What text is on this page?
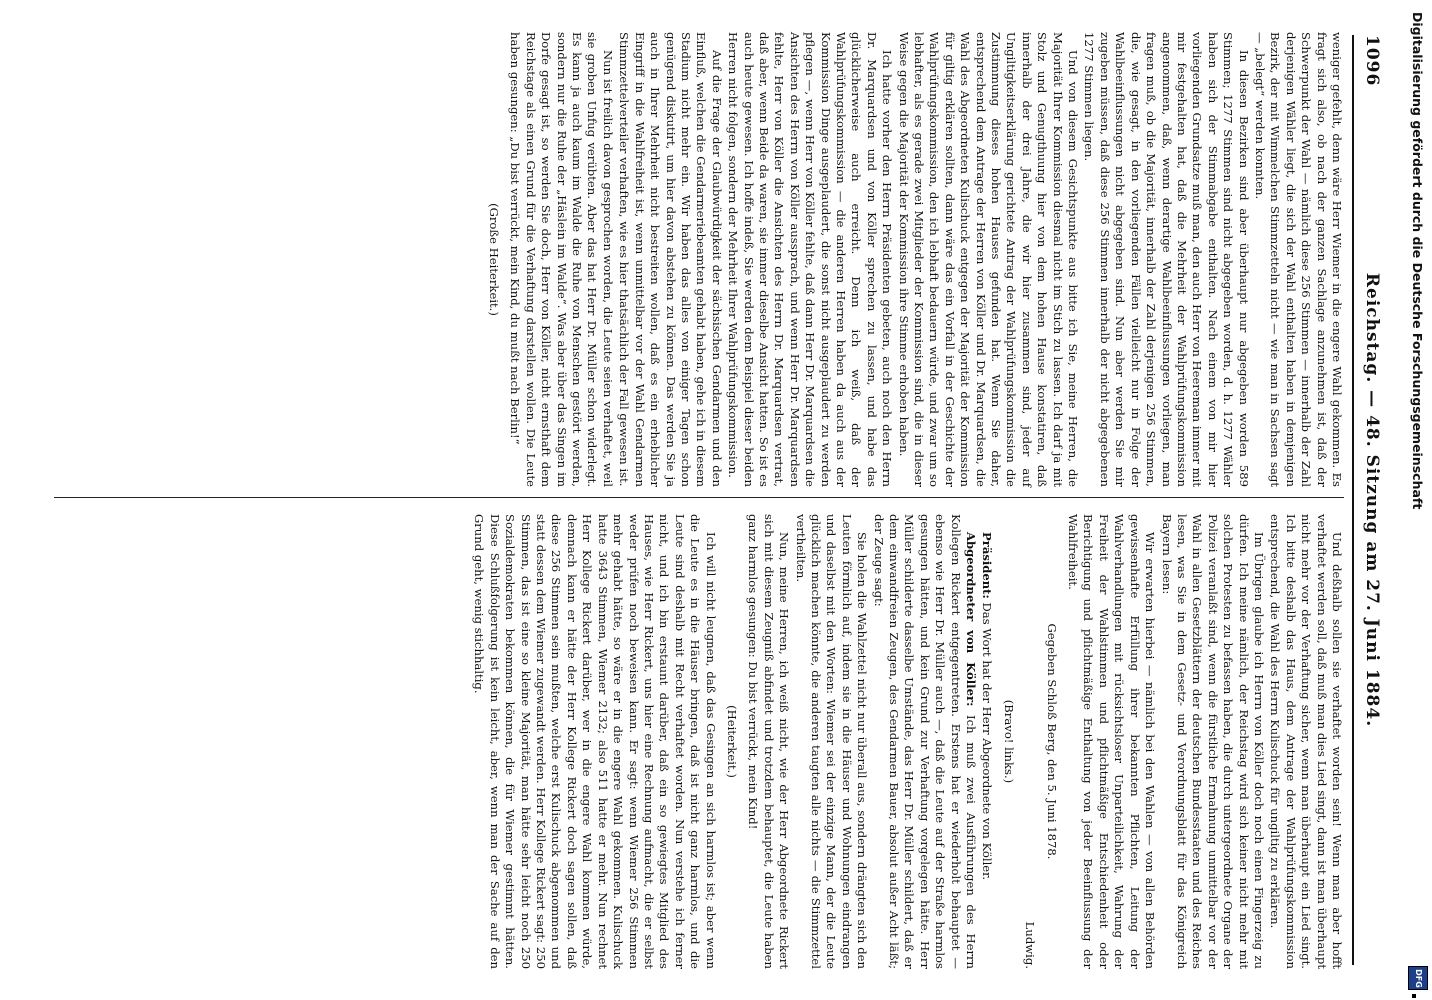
Reichstag. — 48. Sitzung am 27. Juni 1884.
1096

weniger gefehlt, denn wäre Herr Wiemer in die engere Wahl gekommen. Es fragt sich also, ob nach der ganzen Sachlage anzunehmen ist, daß der Schwerpunkt der Wahl — nämlich diese 256 Stimmen — innerhalb der Zahl derjenigen Wähler liegt, die sich der Wahl enthalten haben in demjenigen Bezirk, der mit Wimmelchen Stimmzetteln nicht — wie man in Sachsen sagt — „belegt“ werden konnten.

In diesen Bezirken sind aber überhaupt nur abgegeben worden 589 Stimmen; 1277 Stimmen sind nicht abgegeben worden, d. h. 1277 Wähler haben sich der Stimmabgabe enthalten. Nach einem von mir hier vorliegenden Grundsatze muß man, den auch Herr von Heereman immer mit mir festgehalten hat, daß die Mehrheit der Wahlprüfungskommission angenommen, daß, wenn derartige Wahlbeeinflussungen vorliegen, man fragen muß, ob die Majorität, innerhalb der Zahl derjenigen 256 Stimmen, die, wie gesagt, in den vorliegenden Fällen vielleicht nur in Folge der Wahlbeeinflussungen nicht abgegeben sind. Nun aber werden Sie mir zugeben müssen, daß diese 256 Stimmen innerhalb der nicht abgegebenen 1277 Stimmen liegen.

Und von diesem Gesichtspunkte aus bitte ich Sie, meine Herren, die Majorität Ihrer Kommission diesmal nicht im Stich zu lassen. Ich darf ja mit Stolz und Genugthuung hier von dem hohen Hause konstatiren, daß innerhalb der drei Jahre, die wir hier zusammen sind, jeder auf Ungiltigkeitserklärung gerichtete Antrag der Wahlprüfungskommission die Zustimmung dieses hohen Hauses gefunden hat. Wenn Sie daher, entsprechend dem Antrage der Herren von Köller und Dr. Marquardsen, die Wahl des Abgeordneten Kulischuck entgegen der Majorität der Kommission für giltig erklären sollten, dann wäre das ein Vorfall in der Geschichte der Wahlprüfungskommission, den ich lebhaft bedauern würde, und zwar um so lebhafter, als es gerade zwei Mitglieder der Kommission sind, die in dieser Weise gegen die Majorität der Kommission ihre Stimme erhoben haben.

Ich hatte vorher den Herrn Präsidenten gebeten, auch noch den Herrn Dr. Marquardsen und von Köller sprechen zu lassen, und habe das glücklicherweise auch erreicht. Denn ich weiß, daß der Wahlprüfungskommission — die anderen Herren haben da auch aus der Kommission Dinge ausgeplaudert, die sonst nicht ausgeplaudert zu werden pflegen —, wenn Herr von Köller fehlte, daß dann Herr Dr. Marquardsen die Ansichten des Herrn von Köller aussprach, und wenn Herr Dr. Marquardsen fehlte, Herr von Köller die Ansichten des Herrn Dr. Marquardsen vertrat, daß aber, wenn Beide da waren, sie immer dieselbe Ansicht hatten. So ist es auch heute gewesen. Ich hoffe indeß, Sie werden dem Beispiel dieser beiden Herren nicht folgen, sondern der Mehrheit Ihrer Wahlprüfungskommission.

Auf die Frage der Glaubwürdigkeit der sächsischen Gendarmen und den Einfluß, welchen die Gendarmeriebeamten gehabt haben, gehe ich in diesem Stadium nicht mehr ein. Wir haben das alles von einiger Tagen schon genügend diskutirt, um hier davon abstehen zu können. Das werden Sie ja auch in Ihrer Mehrheit nicht bestreiten wollen, daß es ein erheblicher Eingriff in die Wahlfreiheit ist, wenn unmittelbar vor der Wahl Gendarmen Stimmzettelverteiler verhaften, wie es hier thatsächlich der Fall gewesen ist.

Nun ist freilich davon gesprochen worden, die Leute seien verhaftet, weil sie groben Unfug verübten. Aber das hat Herr Dr. Müller schon widerlegt. Es kann ja auch kaum im Walde die Ruhe von Menschen gestört werden, sondern nur die Ruhe der „Häslein im Walde“. Was aber über das Singen im Dorfe gesagt ist, so werden Sie doch, Herr von Köller, nicht ernsthaft dem Reichstage als einen Grund für die Verhaftung darstellen wollen. Die Leute haben gesungen: „Du bist verrückt, mein Kind, du mußt nach Berlin!“

(Große Heiterkeit.)

Und deßhalb sollen sie verhaftet worden sein! Wenn man aber hofft verhaftet werden soll, daß muß man dies Lied singt, dann ist man überhaupt nicht mehr vor der Verhaftung sicher, wenn man überhaupt ein Lied singt. Ich bitte deshalb das Haus, dem Antrage der Wahlprüfungskommission entsprechend, die Wahl des Herrn Kulischuck für ungiltig zu erklären.

Im Übrigen glaube ich Herrn von Köller doch noch einen Fingerzeig zu dürfen. Ich meine nämlich, der Reichstag wird sich keiner nicht mehr mit solchen Protesten zu befassen haben, die durch untergeordnete Organe der Polizei veranlaßt sind, wenn die fürstliche Ermahnung unmittelbar vor der Wahl in allen Gesetzblättern der deutschen Bundesstaaten und des Reiches lesen, was Sie in dem Gesetz- und Verordnungsblatt für das Königreich Bayern lesen:

Wir erwarten hierbei — nämlich bei den Wahlen — von allen Behörden gewissenhafte Erfüllung ihrer bekannten Pflichten, Leitung der Wahlverhandlungen mit rücksichtsloser Unparteilichkeit, Wahrung der Freiheit der Wahlstimmen und pflichtmäßige Entschiedenheit oder Berichtigung und pflichtmäßige Enthaltung von jeder Beeinflussung der Wahlfreiheit.

Gegeben Schloß Berg, den 5. Juni 1878.

Ludwig.

(Bravo! links.)

Präsident: Das Wort hat der Herr Abgeordnete von Köller.

Abgeordneter von Köller: Ich muß zwei Ausführungen des Herrn Kollegen Rickert entgegentreten. Erstens hat er wiederholt behauptet — ebenso wie Herr Dr. Müller auch —, daß die Leute auf der Straße harmlos gesungen hätten, und kein Grund zur Verhaftung vorgelegen hätte. Herr Müller schilderte dasselbe Umstände, das Herr Dr. Müller schildert, daß er dem einwandfreien Zeugen, des Gendarmen Bauer, absolut außer Acht läßt; der Zeuge sagt:

Sie holen die Wahlzettel nicht nur überall aus, sondern drängten sich den Leuten förmlich auf, indem sie in die Häuser und Wohnungen eindrangen und daselbst mit den Worten: Wiemer sei der einzige Mann, der die Leute glücklich machen könnte, die anderen taugten alle nichts — die Stimmzettel vertheilten.

Nun, meine Herren, ich weiß nicht, wie der Herr Abgeordnete Rickert sich mit diesem Zeugniß abfindet und trotzdem behauptet, die Leute haben ganz harmlos gesungen: Du bist verrückt, mein Kind!

(Heiterkeit.)

Ich will nicht leugnen, daß das Gesingen an sich harmlos ist; aber wenn die Leute es in die Häuser bringen, daß ist nicht ganz harmlos, und die Leute sind deshalb mit Recht verhaftet worden. Nun verstehe ich ferner nicht, und ich bin erstaunt darüber, daß ein so gewiegtes Mitglied des Hauses, wie Herr Rickert, uns hier eine Rechnung aufmacht, die er selbst weder prüfen noch beweisen kann. Er sagt: wenn Wiemer 256 Stimmen mehr gehabt hätte, so wäre er in die engere Wahl gekommen. Kulischuck hatte 3643 Stimmen, Wiemer 2132; also 511 hatte er mehr. Nun rechnet Herr Kollege Rickert darüber, wer in die engere Wahl kommen würde, demnach kann er hätte der Herr Kollege Rickert doch sagen sollen, daß diese 256 Stimmen sein mußten, welche erst Kulischuck abgenommen und statt dessen dem Wiemer zugewandt werden. Herr Kollege Rickert sagt: 250 Stimmen, das ist eine so kleine Majorität, man hätte sehr leicht noch 250 Sozialdemokraten bekommen können, die für Wiemer gestimmt hätten. Diese Schlußfolgerung ist kein leicht, aber, wenn man der Sache auf den Grund geht, wenig stichhaltig.

Digitalisierung gefördert durch die Deutsche Forschungsgemeinschaft
DFG
